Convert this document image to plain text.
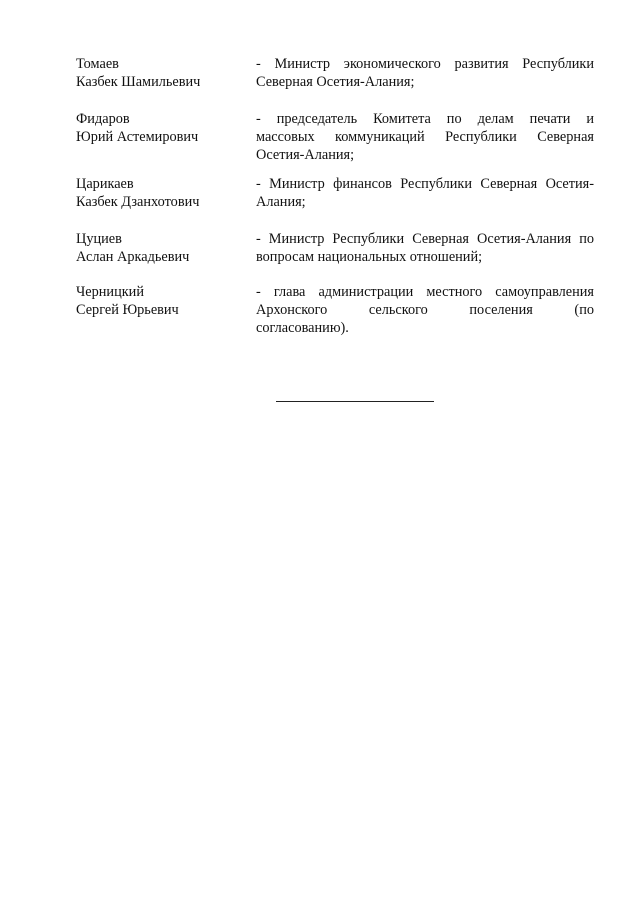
Томаев
Казбек Шамильевич
- Министр экономического развития Республики
Северная Осетия-Алания;
Фидаров
Юрий Астемирович
- председатель Комитета по делам печати и
массовых коммуникаций Республики Северная
Осетия-Алания;
Царикаев
Казбек Дзанхотович
- Министр финансов Республики Северная Осетия-
Алания;
Цуциев
Аслан Аркадьевич
- Министр Республики Северная Осетия-Алания по
вопросам национальных отношений;
Черницкий
Сергей Юрьевич
- глава администрации местного самоуправления
Архонского сельского поселения (по
согласованию).
